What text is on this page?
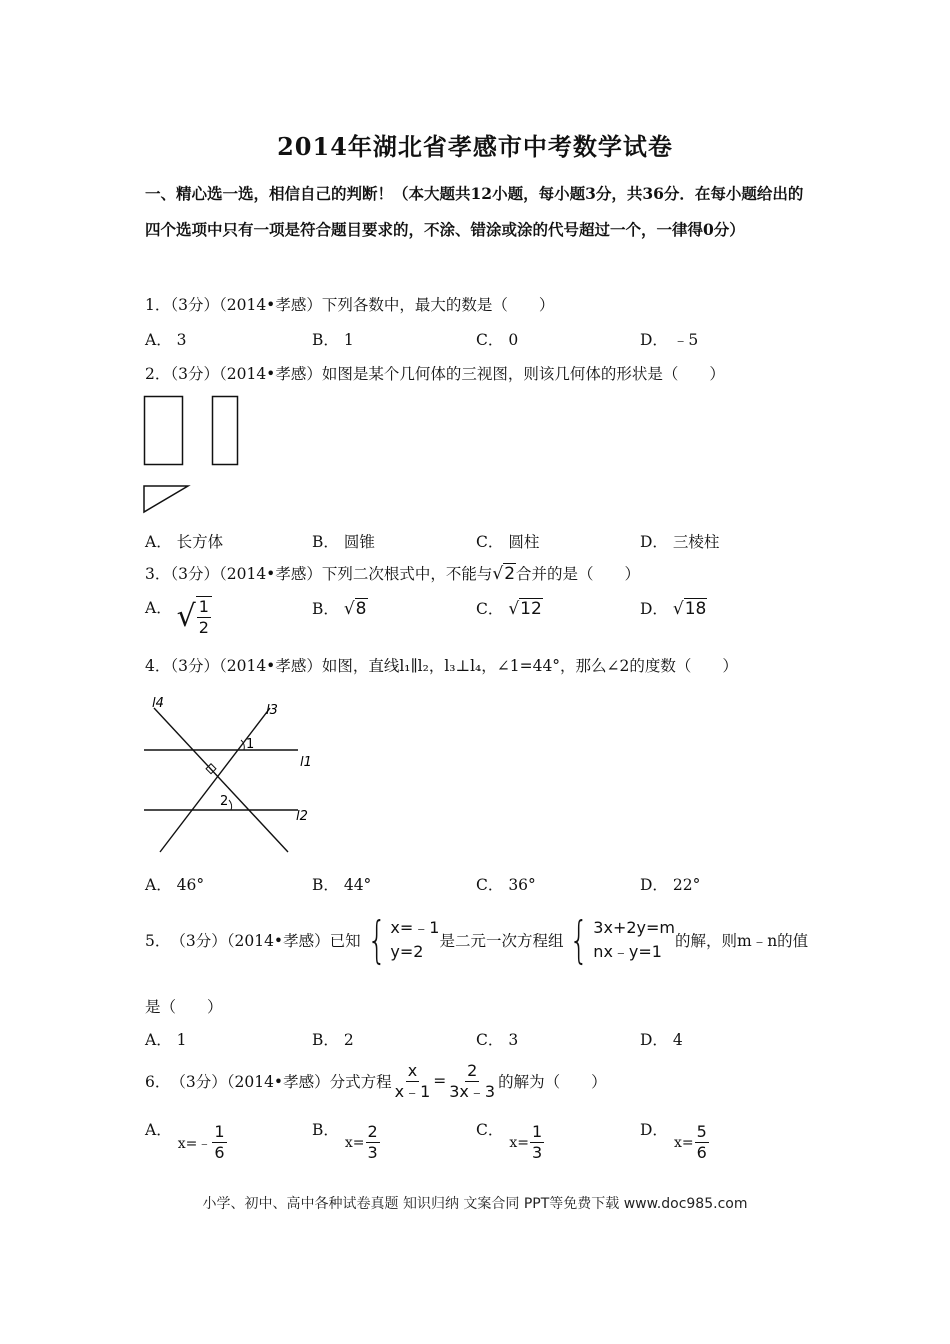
2014年湖北省孝感市中考数学试卷
一、精心选一选，相信自己的判断！（本大题共12小题，每小题3分，共36分．在每小题给出的四个选项中只有一项是符合题目要求的，不涂、错涂或涂的代号超过一个，一律得0分）
1．（3分）（2014•孝感）下列各数中，最大的数是（　　）
A． 3	B． 1	C． 0	D． ﹣5
2．（3分）（2014•孝感）如图是某个几何体的三视图，则该几何体的形状是（　　）
A． 长方体	B． 圆锥	C． 圆柱	D． 三棱柱
3．（3分）（2014•孝感）下列二次根式中，不能与√2合并的是（　　）
A． √ $\frac{1}{2}$	B． √8	C． √12	D． √18
4．（3分）（2014•孝感）如图，直线l₁∥l₂，l₃⊥l₄，∠1=44°，那么∠2的度数（　　）
l4	l3
l1
l2
1
2
A． 46°	B． 44°	C． 36°	D． 22°
5． （3分）（2014•孝感） 已知 { x=﹣1
y=2
是二元一次方程组 { 3x+2y=m
nx﹣y=1
的解，则m﹣n的值
是（　　）
A． 1	B． 2	C． 3	D． 4
6． （3分）（2014•孝感） 分式方程 $\frac{x}{x﹣1} = \frac{2}{3x﹣3}$ 的解为（　　）
A．
x=﹣ $\frac{1}{6}$	B．
$x= \frac{2}{3}$	C．
$x= \frac{1}{3}$	D．
$x= \frac{5}{6}$
小学、初中、高中各种试卷真题 知识归纳 文案合同 PPT等免费下载 www.doc985.com
